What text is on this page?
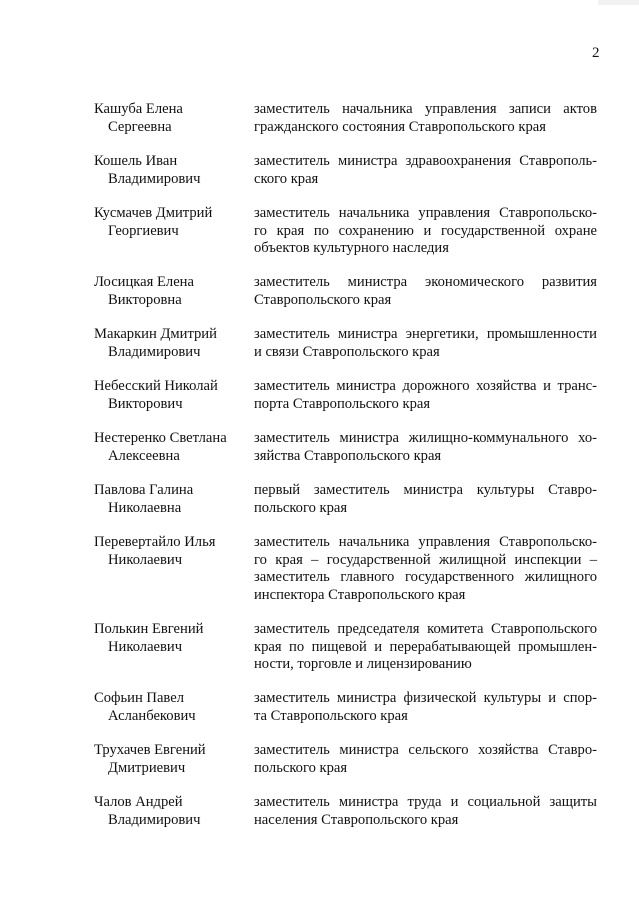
2
Кашуба Елена
Сергеевна
заместитель начальника управления записи актов
гражданского состояния Ставропольского края
Кошель Иван
Владимирович
заместитель министра здравоохранения Ставрополь-
ского края
Кусмачев Дмитрий
Георгиевич
заместитель начальника управления Ставропольско-
го края по сохранению и государственной охране
объектов культурного наследия
Лосицкая Елена
Викторовна
заместитель министра экономического развития
Ставропольского края
Макаркин Дмитрий
Владимирович
заместитель министра энергетики, промышленности
и связи Ставропольского края
Небесский Николай
Викторович
заместитель министра дорожного хозяйства и транс-
порта Ставропольского края
Нестеренко Светлана
Алексеевна
заместитель министра жилищно-коммунального хо-
зяйства Ставропольского края
Павлова Галина
Николаевна
первый заместитель министра культуры Ставро-
польского края
Перевертайло Илья
Николаевич
заместитель начальника управления Ставропольско-
го края – государственной жилищной инспекции –
заместитель главного государственного жилищного
инспектора Ставропольского края
Полькин Евгений
Николаевич
заместитель председателя комитета Ставропольского
края по пищевой и перерабатывающей промышлен-
ности, торговле и лицензированию
Софьин Павел
Асланбекович
заместитель министра физической культуры и спор-
та Ставропольского края
Трухачев Евгений
Дмитриевич
заместитель министра сельского хозяйства Ставро-
польского края
Чалов Андрей
Владимирович
заместитель министра труда и социальной защиты
населения Ставропольского края
